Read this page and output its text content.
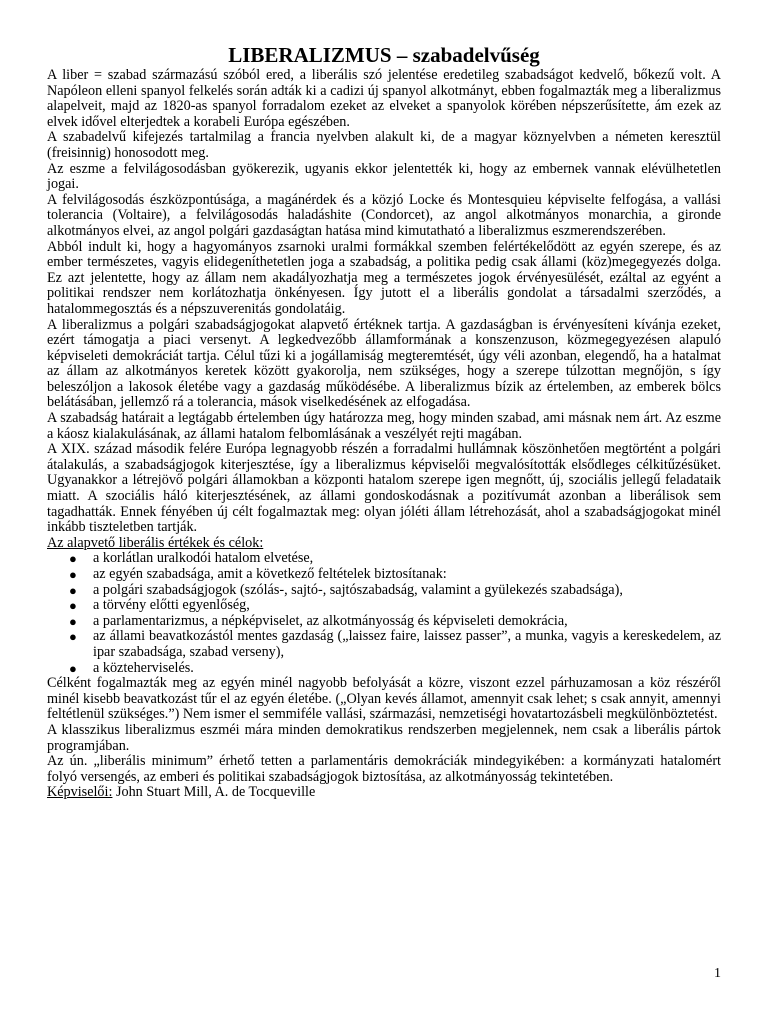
LIBERALIZMUS – szabadelvűség

A liber = szabad származású szóból ered, a liberális szó jelentése eredetileg szabadságot kedvelő, bőkezű volt. A Napóleon elleni spanyol felkelés során adták ki a cadizi új spanyol alkotmányt, ebben fogalmazták meg a liberalizmus alapelveit, majd az 1820-as spanyol forradalom ezeket az elveket a spanyolok körében népszerűsítette, ám ezek az elvek idővel elterjedtek a korabeli Európa egészében.

A szabadelvű kifejezés tartalmilag a francia nyelvben alakult ki, de a magyar köznyelvben a németen keresztül (freisinnig) honosodott meg.

Az eszme a felvilágosodásban gyökerezik, ugyanis ekkor jelentették ki, hogy az embernek vannak elévülhetetlen jogai.

A felvilágosodás észközpontúsága, a magánérdek és a közjó Locke és Montesquieu képviselte felfogása, a vallási tolerancia (Voltaire), a felvilágosodás haladáshite (Condorcet), az angol alkotmányos monarchia, a gironde alkotmányos elvei, az angol polgári gazdaságtan hatása mind kimutatható a liberalizmus eszmerendszerében.

Abból indult ki, hogy a hagyományos zsarnoki uralmi formákkal szemben felértékelődött az egyén szerepe, és az ember természetes, vagyis elidegeníthetetlen joga a szabadság, a politika pedig csak állami (köz)megegyezés dolga. Ez azt jelentette, hogy az állam nem akadályozhatja meg a természetes jogok érvényesülését, ezáltal az egyént a politikai rendszer nem korlátozhatja önkényesen. Így jutott el a liberális gondolat a társadalmi szerződés, a hatalommegosztás és a népszuverenitás gondolatáig.

A liberalizmus a polgári szabadságjogokat alapvető értéknek tartja. A gazdaságban is érvényesíteni kívánja ezeket, ezért támogatja a piaci versenyt. A legkedvezőbb államformának a konszenzuson, közmegegyezésen alapuló képviseleti demokráciát tartja. Célul tűzi ki a jogállamiság megteremtését, úgy véli azonban, elegendő, ha a hatalmat az állam az alkotmányos keretek között gyakorolja, nem szükséges, hogy a szerepe túlzottan megnőjön, s így beleszóljon a lakosok életébe vagy a gazdaság működésébe. A liberalizmus bízik az értelemben, az emberek bölcs belátásában, jellemző rá a tolerancia, mások viselkedésének az elfogadása.

A szabadság határait a legtágabb értelemben úgy határozza meg, hogy minden szabad, ami másnak nem árt. Az eszme a káosz kialakulásának, az állami hatalom felbomlásának a veszélyét rejti magában.

A XIX. század második felére Európa legnagyobb részén a forradalmi hullámnak köszönhetően megtörtént a polgári átalakulás, a szabadságjogok kiterjesztése, így a liberalizmus képviselői megvalósították elsődleges célkitűzésüket. Ugyanakkor a létrejövő polgári államokban a központi hatalom szerepe igen megnőtt, új, szociális jellegű feladataik miatt. A szociális háló kiterjesztésének, az állami gondoskodásnak a pozitívumát azonban a liberálisok sem tagadhatták. Ennek fényében új célt fogalmaztak meg: olyan jóléti állam létrehozását, ahol a szabadságjogokat minél inkább tiszteletben tartják.

Az alapvető liberális értékek és célok:

● a korlátlan uralkodói hatalom elvetése,
● az egyén szabadsága, amit a következő feltételek biztosítanak:
● a polgári szabadságjogok (szólás-, sajtó-, sajtószabadság, valamint a gyülekezés szabadsága),
● a törvény előtti egyenlőség,
● a parlamentarizmus, a népképviselet, az alkotmányosság és képviseleti demokrácia,
● az állami beavatkozástól mentes gazdaság („laissez faire, laissez passer”, a munka, vagyis a kereskedelem, az ipar szabadsága, szabad verseny),
● a közteherviselés.

Célként fogalmazták meg az egyén minél nagyobb befolyását a közre, viszont ezzel párhuzamosan a köz részéről minél kisebb beavatkozást tűr el az egyén életébe. („Olyan kevés államot, amennyit csak lehet; s csak annyit, amennyi feltétlenül szükséges.”) Nem ismer el semmiféle vallási, származási, nemzetiségi hovatartozásbeli megkülönböztetést.

A klasszikus liberalizmus eszméi mára minden demokratikus rendszerben megjelennek, nem csak a liberális pártok programjában.

Az ún. „liberális minimum” érhető tetten a parlamentáris demokráciák mindegyikében: a kormányzati hatalomért folyó versengés, az emberi és politikai szabadságjogok biztosítása, az alkotmányosság tekintetében.

Képviselői: John Stuart Mill, A. de Tocqueville

1
